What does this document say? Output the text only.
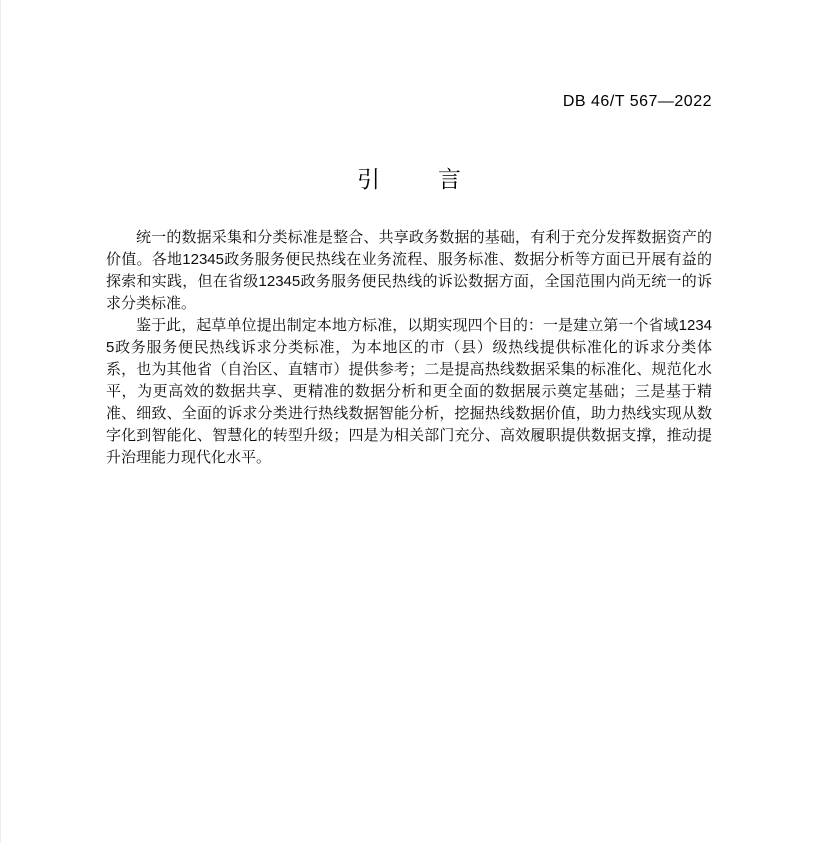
DB 46/T 567—2022
引	言

统一的数据采集和分类标准是整合、共享政务数据的基础，有利于充分发挥数据资产的价值。各地12345政务服务便民热线在业务流程、服务标准、数据分析等方面已开展有益的探索和实践，但在省级12345政务服务便民热线的诉讼数据方面，全国范围内尚无统一的诉求分类标准。

鉴于此，起草单位提出制定本地方标准，以期实现四个目的：一是建立第一个省域12345政务服务便民热线诉求分类标准，为本地区的市（县）级热线提供标准化的诉求分类体系，也为其他省（自治区、直辖市）提供参考；二是提高热线数据采集的标准化、规范化水平，为更高效的数据共享、更精准的数据分析和更全面的数据展示奠定基础；三是基于精准、细致、全面的诉求分类进行热线数据智能分析，挖掘热线数据价值，助力热线实现从数字化到智能化、智慧化的转型升级；四是为相关部门充分、高效履职提供数据支撑，推动提升治理能力现代化水平。
